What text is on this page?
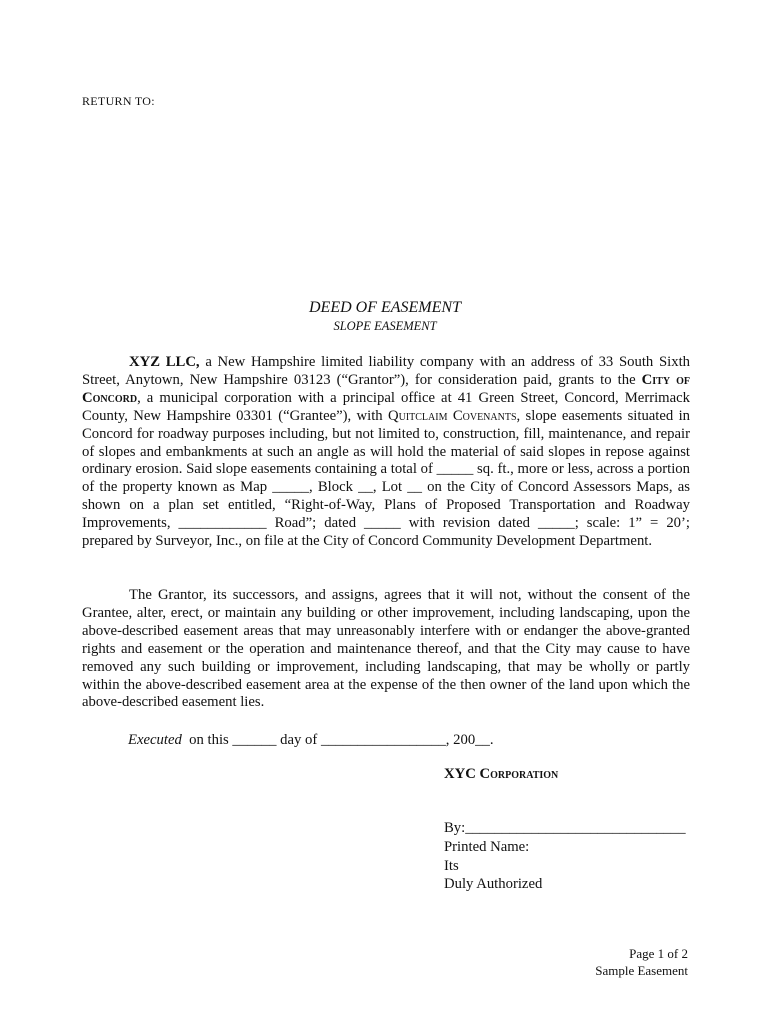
RETURN TO:
DEED OF EASEMENT
SLOPE EASEMENT
XYZ LLC, a New Hampshire limited liability company with an address of 33 South Sixth Street, Anytown, New Hampshire 03123 (“Grantor”), for consideration paid, grants to the City of Concord, a municipal corporation with a principal office at 41 Green Street, Concord, Merrimack County, New Hampshire 03301 (“Grantee”), with Quitclaim Covenants, slope easements situated in Concord for roadway purposes including, but not limited to, construction, fill, maintenance, and repair of slopes and embankments at such an angle as will hold the material of said slopes in repose against ordinary erosion. Said slope easements containing a total of _____ sq. ft., more or less, across a portion of the property known as Map _____, Block __, Lot __ on the City of Concord Assessors Maps, as shown on a plan set entitled, “Right-of-Way, Plans of Proposed Transportation and Roadway Improvements, ____________ Road”; dated _____ with revision dated _____; scale: 1” = 20’; prepared by Surveyor, Inc., on file at the City of Concord Community Development Department.
The Grantor, its successors, and assigns, agrees that it will not, without the consent of the Grantee, alter, erect, or maintain any building or other improvement, including landscaping, upon the above-described easement areas that may unreasonably interfere with or endanger the above-granted rights and easement or the operation and maintenance thereof, and that the City may cause to have removed any such building or improvement, including landscaping, that may be wholly or partly within the above-described easement area at the expense of the then owner of the land upon which the above-described easement lies.
Executed  on this ______ day of _________________, 200__.
XYC Corporation
By:______________________________
Printed Name:
Its
Duly Authorized
Page 1 of 2
Sample Easement
